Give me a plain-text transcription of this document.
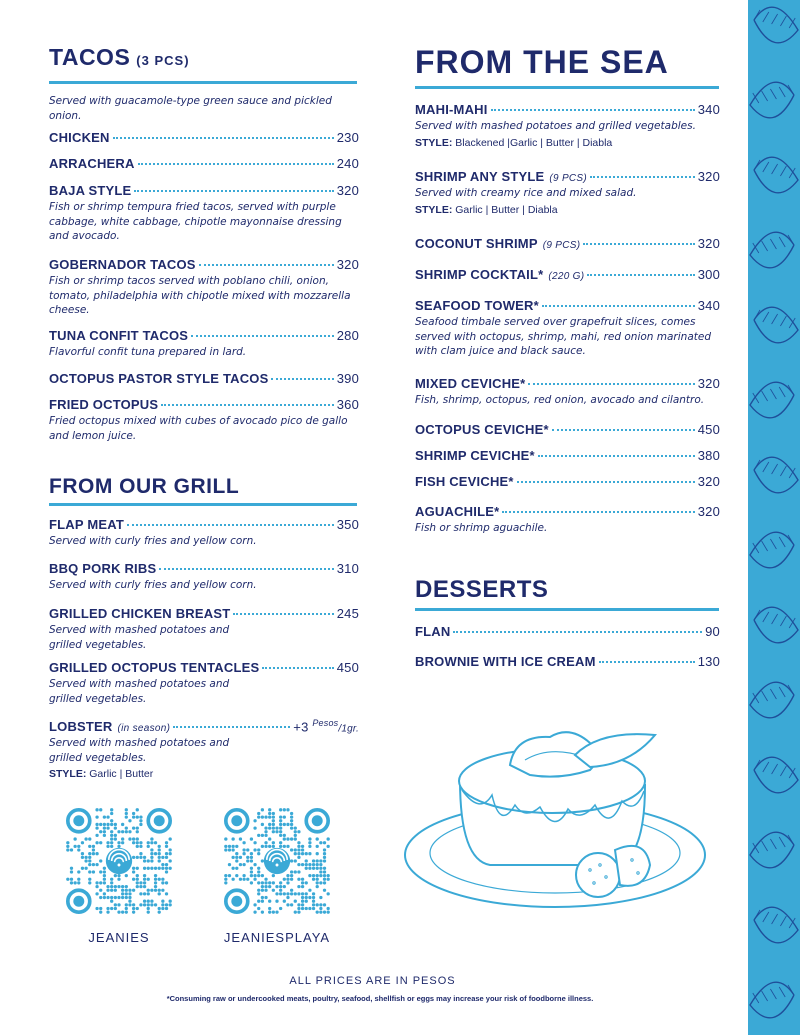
TACOS (3 PCS)
Served with guacamole-type green sauce and pickled onion.
CHICKEN	230
ARRACHERA	240
BAJA STYLE	320
Fish or shrimp tempura fried tacos, served with purple cabbage, white cabbage, chipotle mayonnaise dressing and avocado.
GOBERNADOR TACOS	320
Fish or shrimp tacos served with poblano chili, onion, tomato, philadelphia with chipotle mixed with mozzarella cheese.
TUNA CONFIT TACOS	280
Flavorful confit tuna prepared in lard.
OCTOPUS PASTOR STYLE TACOS	390
FRIED OCTOPUS	360
Fried octopus mixed with cubes of avocado pico de gallo and lemon juice.
FROM OUR GRILL
FLAP MEAT	350
Served with curly fries and yellow corn.
BBQ PORK RIBS	310
Served with curly fries and yellow corn.
GRILLED CHICKEN BREAST	245
Served with mashed potatoes and grilled vegetables.
GRILLED OCTOPUS TENTACLES	450
Served with mashed potatoes and grilled vegetables.
LOBSTER (in season)	+3 $^{Pesos}$/1gr.
Served with mashed potatoes and grilled vegetables.
STYLE: Garlic | Butter
JEANIES	JEANIESPLAYA
FROM THE SEA
MAHI-MAHI	340
Served with mashed potatoes and grilled vegetables.
STYLE: Blackened |Garlic | Butter | Diabla
SHRIMP ANY STYLE (9 PCS)	320
Served with creamy rice and mixed salad.
STYLE: Garlic | Butter | Diabla
COCONUT SHRIMP (9 PCS)	320
SHRIMP COCKTAIL* (220 G)	300
SEAFOOD TOWER*	340
Seafood timbale served over grapefruit slices, comes served with octopus, shrimp, mahi, red onion marinated with clam juice and black sauce.
MIXED CEVICHE*	320
Fish, shrimp, octopus, red onion, avocado and cilantro.
OCTOPUS CEVICHE*	450
SHRIMP CEVICHE*	380
FISH CEVICHE*	320
AGUACHILE*	320
Fish or shrimp aguachile.
DESSERTS
FLAN	90
BROWNIE WITH ICE CREAM	130
ALL PRICES ARE IN PESOS
*Consuming raw or undercooked meats, poultry, seafood, shellfish or eggs may increase your risk of foodborne illness.
